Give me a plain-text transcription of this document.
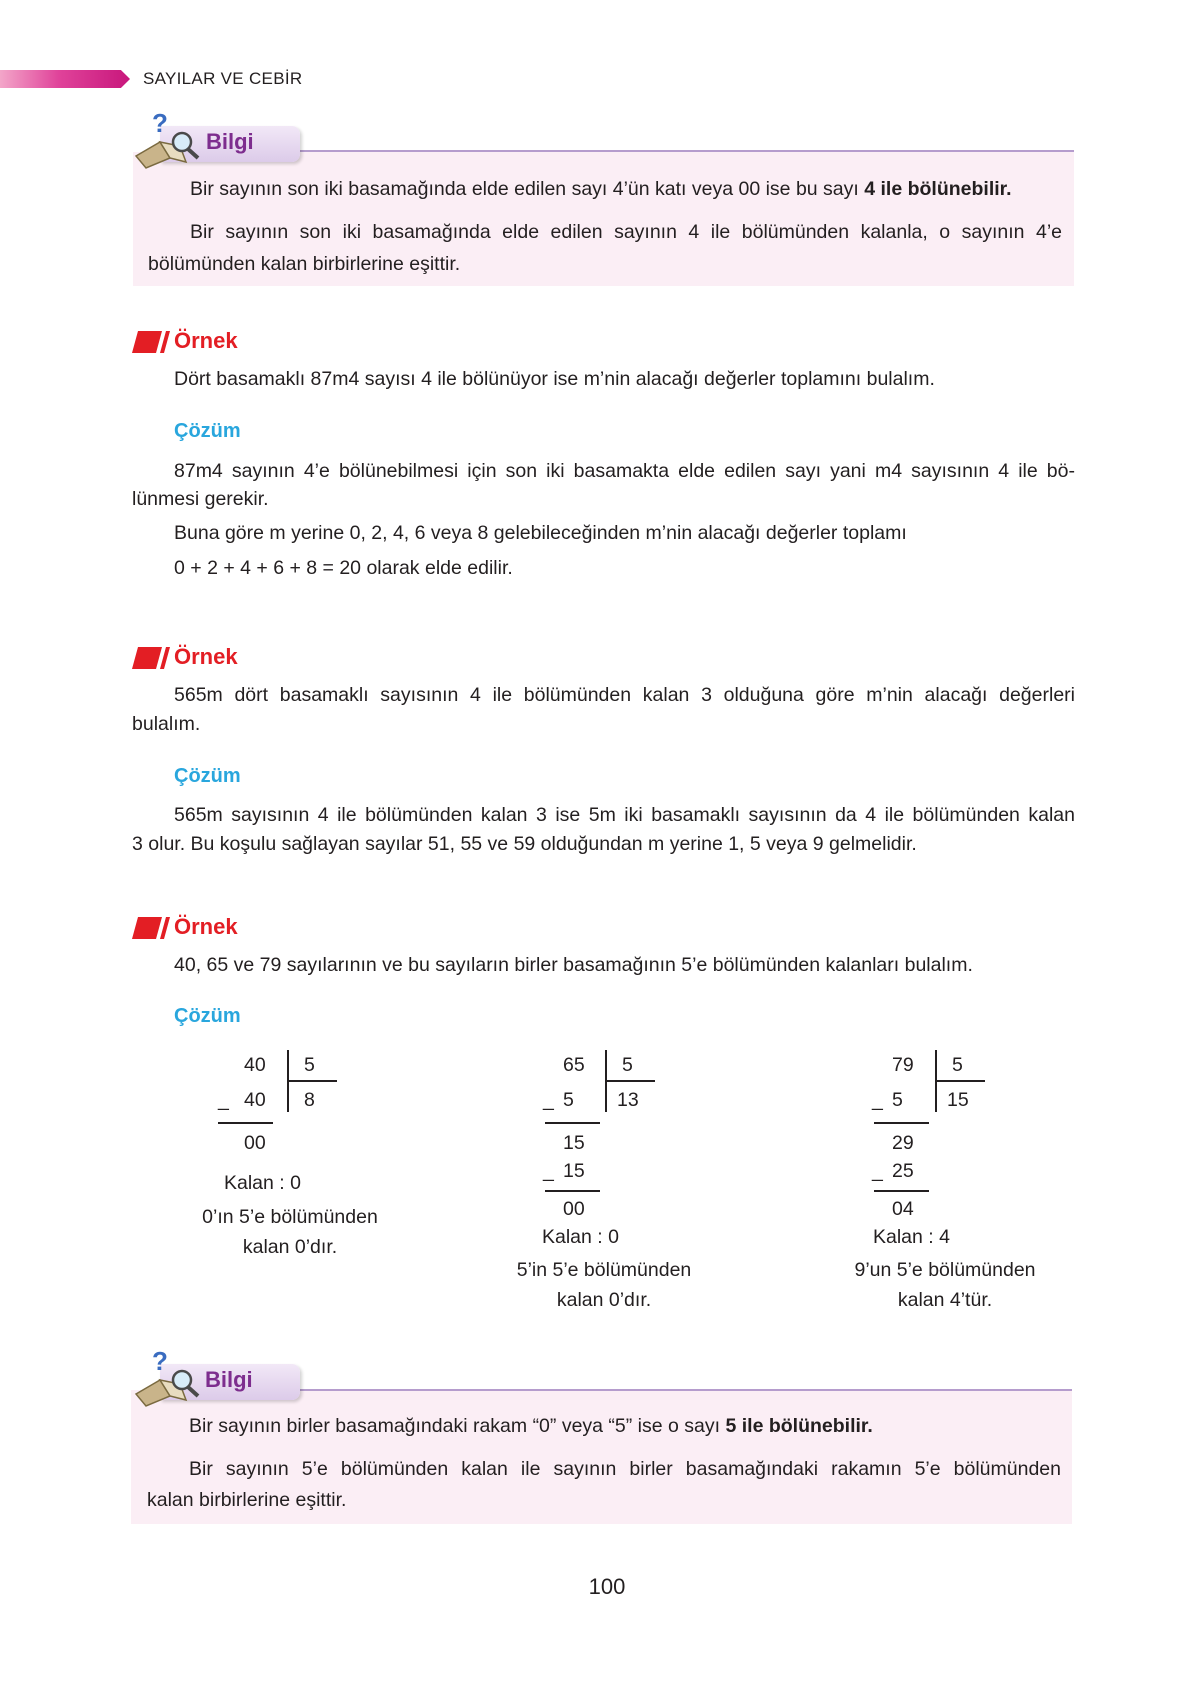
SAYILAR VE CEBİR
?
Bilgi
Bir sayının son iki basamağında elde edilen sayı 4’ün katı veya 00 ise bu sayı 4 ile bölünebilir.
Bir sayının son iki basamağında elde edilen sayının 4 ile bölümünden kalanla, o sayının 4’e
bölümünden kalan birbirlerine eşittir.
Örnek
Dört basamaklı 87m4 sayısı 4 ile bölünüyor ise m’nin alacağı değerler toplamını bulalım.
Çözüm
87m4 sayının 4’e bölünebilmesi için son iki basamakta elde edilen sayı yani m4 sayısının 4 ile bö-
lünmesi gerekir.
Buna göre m yerine 0, 2, 4, 6 veya 8 gelebileceğinden m’nin alacağı değerler toplamı
0 + 2 + 4 + 6 + 8 = 20 olarak elde edilir.
Örnek
565m dört basamaklı sayısının 4 ile bölümünden kalan 3 olduğuna göre m’nin alacağı değerleri
bulalım.
Çözüm
565m sayısının 4 ile bölümünden kalan 3 ise 5m iki basamaklı sayısının da 4 ile bölümünden kalan
3 olur. Bu koşulu sağlayan sayılar 51, 55 ve 59 olduğundan m yerine 1, 5 veya 9 gelmelidir.
Örnek
40, 65 ve 79 sayılarının ve bu sayıların birler basamağının 5’e bölümünden kalanları bulalım.
Çözüm
40 5
_ 40 8
00
Kalan : 0
0’ın 5’e bölümünden
kalan 0’dır.
65 5
_ 5 13
15
_ 15
00
Kalan : 0
5’in 5’e bölümünden
kalan 0’dır.
79 5
_ 5 15
29
_ 25
04
Kalan : 4
9’un 5’e bölümünden
kalan 4’tür.
?
Bilgi
Bir sayının birler basamağındaki rakam “0” veya “5” ise o sayı 5 ile bölünebilir.
Bir sayının 5’e bölümünden kalan ile sayının birler basamağındaki rakamın 5’e bölümünden
kalan birbirlerine eşittir.
100
